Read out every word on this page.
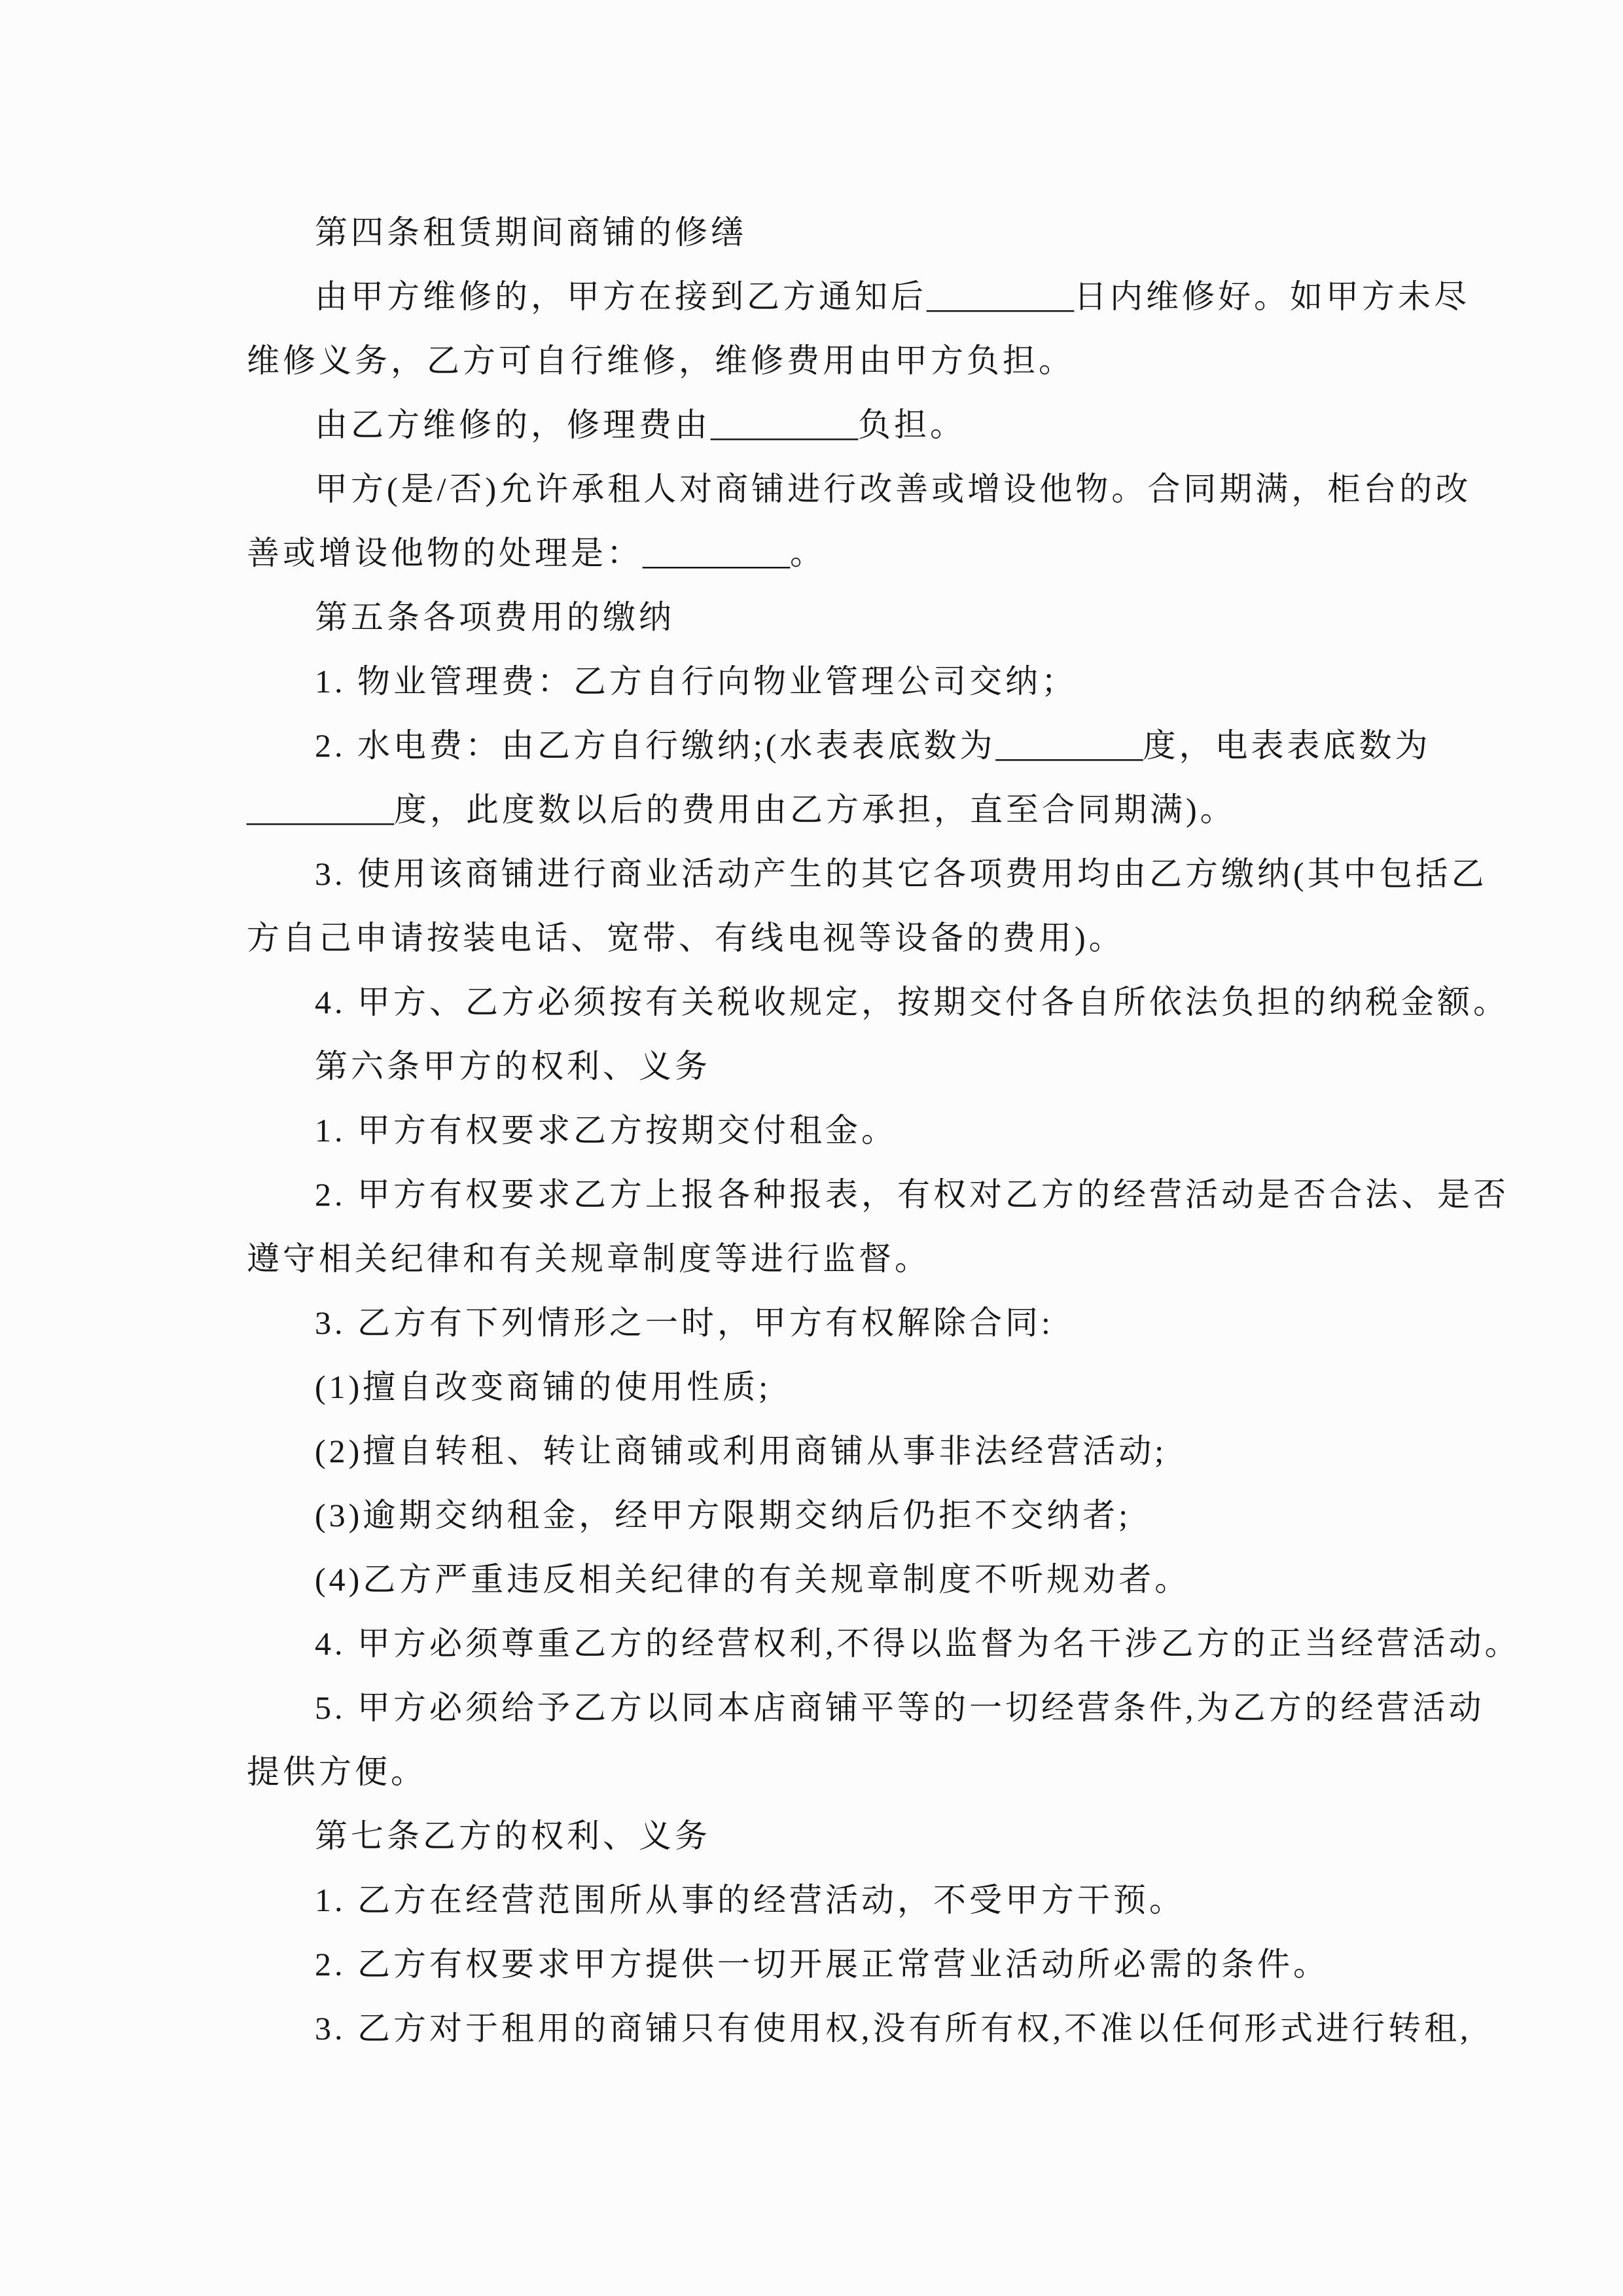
第四条租赁期间商铺的修缮
由甲方维修的，甲方在接到乙方通知后_________日内维修好。如甲方未尽
维修义务，乙方可自行维修，维修费用由甲方负担。
由乙方维修的，修理费由_________负担。
甲方(是/否)允许承租人对商铺进行改善或增设他物。合同期满，柜台的改
善或增设他物的处理是：_________。
第五条各项费用的缴纳
1. 物业管理费：乙方自行向物业管理公司交纳；
2. 水电费：由乙方自行缴纳;(水表表底数为_________度，电表表底数为
_________度，此度数以后的费用由乙方承担，直至合同期满)。
3. 使用该商铺进行商业活动产生的其它各项费用均由乙方缴纳(其中包括乙
方自己申请按装电话、宽带、有线电视等设备的费用)。
4. 甲方、乙方必须按有关税收规定，按期交付各自所依法负担的纳税金额。
第六条甲方的权利、义务
1. 甲方有权要求乙方按期交付租金。
2. 甲方有权要求乙方上报各种报表，有权对乙方的经营活动是否合法、是否
遵守相关纪律和有关规章制度等进行监督。
3. 乙方有下列情形之一时，甲方有权解除合同:
(1)擅自改变商铺的使用性质;
(2)擅自转租、转让商铺或利用商铺从事非法经营活动;
(3)逾期交纳租金，经甲方限期交纳后仍拒不交纳者;
(4)乙方严重违反相关纪律的有关规章制度不听规劝者。
4. 甲方必须尊重乙方的经营权利,不得以监督为名干涉乙方的正当经营活动。
5. 甲方必须给予乙方以同本店商铺平等的一切经营条件,为乙方的经营活动
提供方便。
第七条乙方的权利、义务
1. 乙方在经营范围所从事的经营活动，不受甲方干预。
2. 乙方有权要求甲方提供一切开展正常营业活动所必需的条件。
3. 乙方对于租用的商铺只有使用权,没有所有权,不准以任何形式进行转租,
